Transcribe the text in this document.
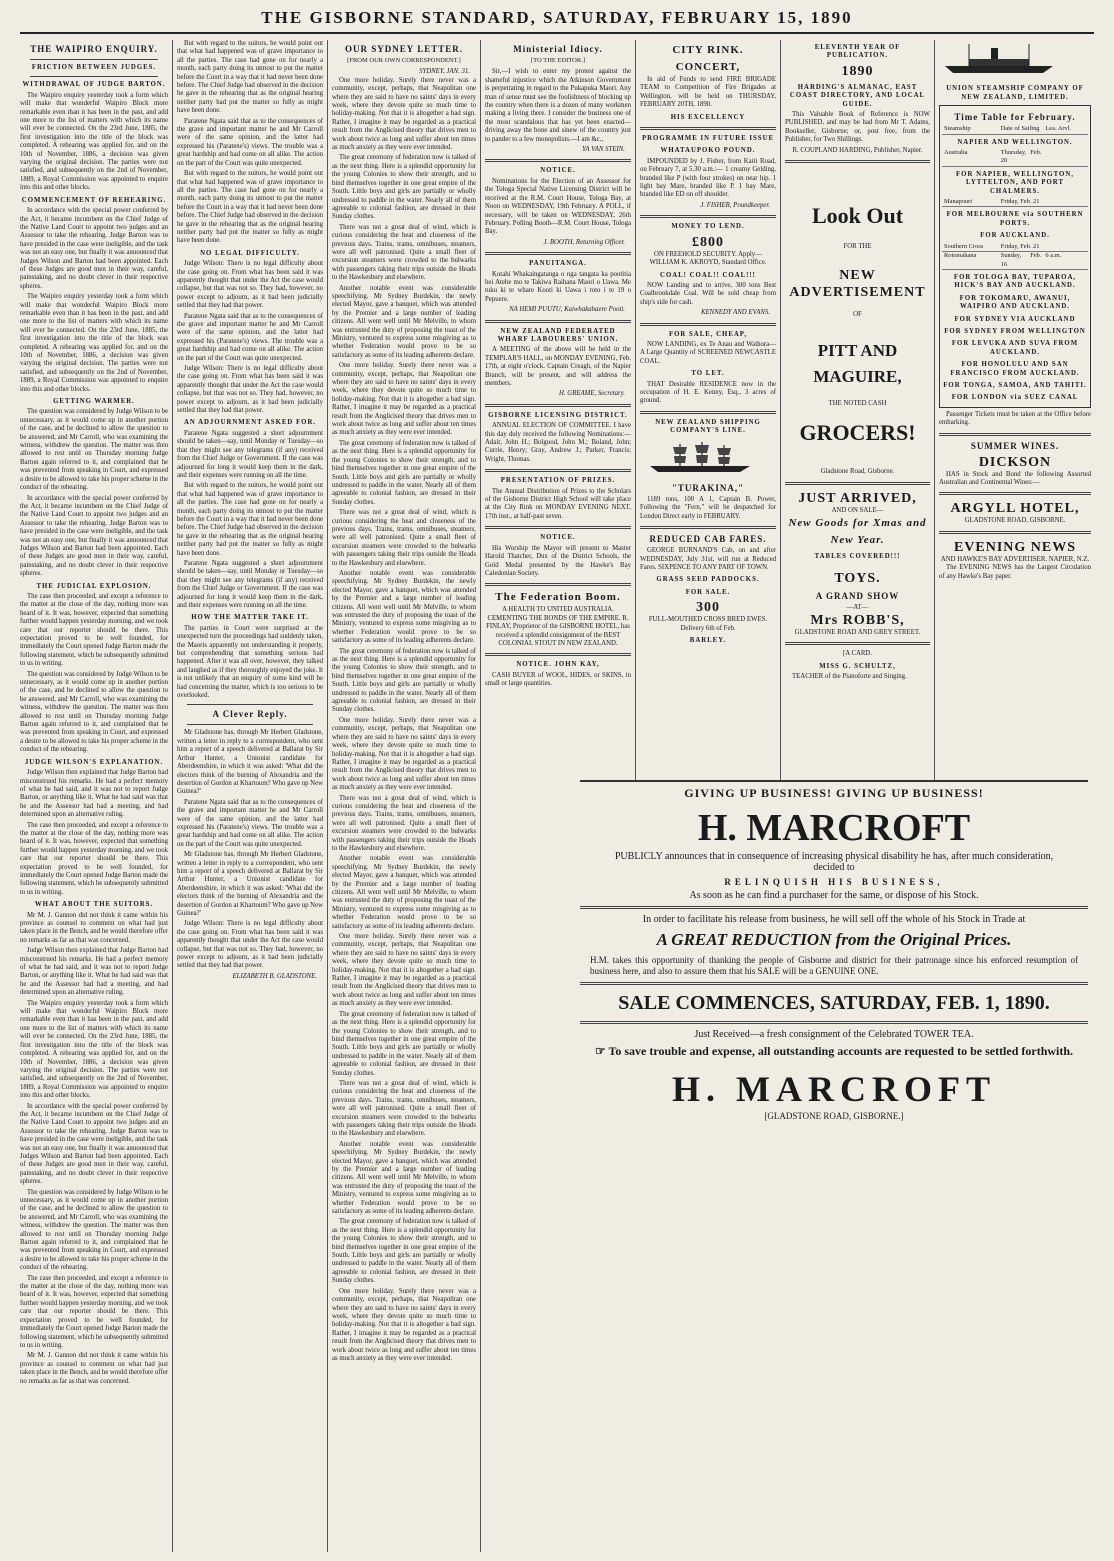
THE GISBORNE STANDARD, SATURDAY, FEBRUARY 15, 1890
THE WAIPIRO ENQUIRY.
FRICTION BETWEEN JUDGES.
WITHDRAWAL OF JUDGE BARTON.

The Waipiro enquiry yesterday took a form which will make that wonderful Waipiro Block more remarkable even than it has been in the past, and add one more to the list of matters with which its name will ever be connected. On the 23rd June, 1885, the first investigation into the title of the block was completed. A rehearing was applied for, and on the 10th of November, 1886, a decision was given varying the original decision. The parties were not satisfied, and subsequently on the 2nd of November, 1889, a Royal Commission was appointed to enquire into this and other blocks.

COMMENCEMENT OF REHEARING.

In accordance with the special power conferred by the Act, it became incumbent on the Chief Judge of the Native Land Court to appoint two judges and an Assessor to take the rehearing. Judge Barton was to have presided in the case were ineligible, and the task was not an easy one, but finally it was announced that Judges Wilson and Barton had been appointed. Each of these Judges are good men in their way, careful, painstaking, and no doubt clever in their respective spheres.

The Waipiro enquiry yesterday took a form which will make that wonderful Waipiro Block more remarkable even than it has been in the past, and add one more to the list of matters with which its name will ever be connected. On the 23rd June, 1885, the first investigation into the title of the block was completed. A rehearing was applied for, and on the 10th of November, 1886, a decision was given varying the original decision. The parties were not satisfied, and subsequently on the 2nd of November, 1889, a Royal Commission was appointed to enquire into this and other blocks.

GETTING WARMER.

The question was considered by Judge Wilson to be unnecessary, as it would come up in another portion of the case, and he declined to allow the question to be answered, and Mr Carroll, who was examining the witness, withdrew the question. The matter was then allowed to rest until on Thursday morning Judge Barton again referred to it, and complained that he was prevented from speaking in Court, and expressed a desire to be allowed to take his proper scheme in the conduct of the rehearing.

In accordance with the special power conferred by the Act, it became incumbent on the Chief Judge of the Native Land Court to appoint two judges and an Assessor to take the rehearing. Judge Barton was to have presided in the case were ineligible, and the task was not an easy one, but finally it was announced that Judges Wilson and Barton had been appointed. Each of these Judges are good men in their way, careful, painstaking, and no doubt clever in their respective spheres.

THE JUDICIAL EXPLOSION.

The case then proceeded, and except a reference to the matter at the close of the day, nothing more was heard of it. It was, however, expected that something further would happen yesterday morning, and we took care that our reporter should be there. This expectation proved to be well founded, for immediately the Court opened Judge Barton made the following statement, which he subsequently submitted to us in writing.

The question was considered by Judge Wilson to be unnecessary, as it would come up in another portion of the case, and he declined to allow the question to be answered, and Mr Carroll, who was examining the witness, withdrew the question. The matter was then allowed to rest until on Thursday morning Judge Barton again referred to it, and complained that he was prevented from speaking in Court, and expressed a desire to be allowed to take his proper scheme in the conduct of the rehearing.

JUDGE WILSON'S EXPLANATION.

Judge Wilson then explained that Judge Barton had misconstrued his remarks. He had a perfect memory of what he had said, and it was not to report Judge Barton, or anything like it. What he had said was that he and the Assessor had had a meeting, and had determined upon an alternative ruling.

The case then proceeded, and except a reference to the matter at the close of the day, nothing more was heard of it. It was, however, expected that something further would happen yesterday morning, and we took care that our reporter should be there. This expectation proved to be well founded, for immediately the Court opened Judge Barton made the following statement, which he subsequently submitted to us in writing.

WHAT ABOUT THE SUITORS.

Mr M. J. Gannon did not think it came within his province as counsel to comment on what had just taken place in the Bench, and he would therefore offer no remarks as far as that was concerned.

Judge Wilson then explained that Judge Barton had misconstrued his remarks. He had a perfect memory of what he had said, and it was not to report Judge Barton, or anything like it. What he had said was that he and the Assessor had had a meeting, and had determined upon an alternative ruling.

The Waipiro enquiry yesterday took a form which will make that wonderful Waipiro Block more remarkable even than it has been in the past, and add one more to the list of matters with which its name will ever be connected. On the 23rd June, 1885, the first investigation into the title of the block was completed. A rehearing was applied for, and on the 10th of November, 1886, a decision was given varying the original decision. The parties were not satisfied, and subsequently on the 2nd of November, 1889, a Royal Commission was appointed to enquire into this and other blocks.

In accordance with the special power conferred by the Act, it became incumbent on the Chief Judge of the Native Land Court to appoint two judges and an Assessor to take the rehearing. Judge Barton was to have presided in the case were ineligible, and the task was not an easy one, but finally it was announced that Judges Wilson and Barton had been appointed. Each of these Judges are good men in their way, careful, painstaking, and no doubt clever in their respective spheres.

The question was considered by Judge Wilson to be unnecessary, as it would come up in another portion of the case, and he declined to allow the question to be answered, and Mr Carroll, who was examining the witness, withdrew the question. The matter was then allowed to rest until on Thursday morning Judge Barton again referred to it, and complained that he was prevented from speaking in Court, and expressed a desire to be allowed to take his proper scheme in the conduct of the rehearing.

The case then proceeded, and except a reference to the matter at the close of the day, nothing more was heard of it. It was, however, expected that something further would happen yesterday morning, and we took care that our reporter should be there. This expectation proved to be well founded, for immediately the Court opened Judge Barton made the following statement, which he subsequently submitted to us in writing.

Mr M. J. Gannon did not think it came within his province as counsel to comment on what had just taken place in the Bench, and he would therefore offer no remarks as far as that was concerned.

But with regard to the suitors, he would point out that what had happened was of grave importance to all the parties. The case had gone on for nearly a month, each party doing its utmost to put the matter before the Court in a way that it had never been done before. The Chief Judge had observed in the decision he gave in the rehearing that as the original hearing neither party had put the matter so fully as might have been done.

Paratene Ngata said that as to the consequences of the grave and important matter he and Mr Carroll were of the same opinion, and the latter had expressed his (Paratene's) views. The trouble was a great hardship and had come on all alike. The action on the part of the Court was quite unexpected.

But with regard to the suitors, he would point out that what had happened was of grave importance to all the parties. The case had gone on for nearly a month, each party doing its utmost to put the matter before the Court in a way that it had never been done before. The Chief Judge had observed in the decision he gave in the rehearing that as the original hearing neither party had put the matter so fully as might have been done.

NO LEGAL DIFFICULTY.

Judge Wilson: There is no legal difficulty about the case going on. From what has been said it was apparently thought that under the Act the case would collapse, but that was not so. They had, however, no power except to adjourn, as it had been judicially settled that they had that power.

Paratene Ngata said that as to the consequences of the grave and important matter he and Mr Carroll were of the same opinion, and the latter had expressed his (Paratene's) views. The trouble was a great hardship and had come on all alike. The action on the part of the Court was quite unexpected.

Judge Wilson: There is no legal difficulty about the case going on. From what has been said it was apparently thought that under the Act the case would collapse, but that was not so. They had, however, no power except to adjourn, as it had been judicially settled that they had that power.

AN ADJOURNMENT ASKED FOR.

Paratene Ngata suggested a short adjournment should be taken—say, until Monday or Tuesday—so that they might see any telegrams (if any) received from the Chief Judge or Government. If the case was adjourned for long it would keep them in the dark, and their expenses were running on all the time.

But with regard to the suitors, he would point out that what had happened was of grave importance to all the parties. The case had gone on for nearly a month, each party doing its utmost to put the matter before the Court in a way that it had never been done before. The Chief Judge had observed in the decision he gave in the rehearing that as the original hearing neither party had put the matter so fully as might have been done.

Paratene Ngata suggested a short adjournment should be taken—say, until Monday or Tuesday—so that they might see any telegrams (if any) received from the Chief Judge or Government. If the case was adjourned for long it would keep them in the dark, and their expenses were running on all the time.

HOW THE MATTER TAKE IT.

The parties in Court were surprised at the unexpected turn the proceedings had suddenly taken, the Maoris apparently not understanding it properly, but comprehending that something serious had happened. After it was all over, however, they talked and laughed as if they thoroughly enjoyed the joke. It is not unlikely that an enquiry of some kind will be had concerning the matter, which is too serious to be overlooked.

A Clever Reply.

Mr Gladstone has, through Mr Herbert Gladstone, written a letter in reply to a correspondent, who sent him a report of a speech delivered at Ballarat by Sir Arthur Hunter, a Unionist candidate for Aberdeenshire, in which it was asked: 'What did the electors think of the burning of Alexandria and the desertion of Gordon at Khartoum? Who gave up New Guinea?'

Paratene Ngata said that as to the consequences of the grave and important matter he and Mr Carroll were of the same opinion, and the latter had expressed his (Paratene's) views. The trouble was a great hardship and had come on all alike. The action on the part of the Court was quite unexpected.

Mr Gladstone has, through Mr Herbert Gladstone, written a letter in reply to a correspondent, who sent him a report of a speech delivered at Ballarat by Sir Arthur Hunter, a Unionist candidate for Aberdeenshire, in which it was asked: 'What did the electors think of the burning of Alexandria and the desertion of Gordon at Khartoum? Who gave up New Guinea?'

Judge Wilson: There is no legal difficulty about the case going on. From what has been said it was apparently thought that under the Act the case would collapse, but that was not so. They had, however, no power except to adjourn, as it had been judicially settled that they had that power.

ELIZABETH B. GLADSTONE.
OUR SYDNEY LETTER.
[FROM OUR OWN CORRESPONDENT.]
SYDNEY, JAN. 31.

One more holiday. Surely there never was a community, except, perhaps, that Neapolitan one where they are said to have no saints' days in every week, where they devote quite so much time to holiday-making. Not that it is altogether a bad sign. Rather, I imagine it may be regarded as a practical result from the Anglicised theory that drives men to work about twice as long and suffer about ten times as much anxiety as they were ever intended.

The great ceremony of federation now is talked of as the next thing. Here is a splendid opportunity for the young Colonies to show their strength, and to bind themselves together in one great empire of the South. Little boys and girls are partially or wholly undressed to paddle in the water. Nearly all of them agreeable to colonial fashion, are dressed in their Sunday clothes.

There was not a great deal of wind, which is curious considering the heat and closeness of the previous days. Trains, trams, omnibuses, steamers, were all well patronised. Quite a small fleet of excursion steamers were crowded to the bulwarks with passengers taking their trips outside the Heads to the Hawkesbury and elsewhere.

Another notable event was considerable speechifying. Mr Sydney Burdekin, the newly elected Mayor, gave a banquet, which was attended by the Premier and a large number of leading citizens. All went well until Mr Melville, to whom was entrusted the duty of proposing the toast of the Ministry, ventured to express some misgiving as to whether Federation would prove to be so satisfactory as some of its leading adherents declare.

One more holiday. Surely there never was a community, except, perhaps, that Neapolitan one where they are said to have no saints' days in every week, where they devote quite so much time to holiday-making. Not that it is altogether a bad sign. Rather, I imagine it may be regarded as a practical result from the Anglicised theory that drives men to work about twice as long and suffer about ten times as much anxiety as they were ever intended.

The great ceremony of federation now is talked of as the next thing. Here is a splendid opportunity for the young Colonies to show their strength, and to bind themselves together in one great empire of the South. Little boys and girls are partially or wholly undressed to paddle in the water. Nearly all of them agreeable to colonial fashion, are dressed in their Sunday clothes.

There was not a great deal of wind, which is curious considering the heat and closeness of the previous days. Trains, trams, omnibuses, steamers, were all well patronised. Quite a small fleet of excursion steamers were crowded to the bulwarks with passengers taking their trips outside the Heads to the Hawkesbury and elsewhere.

Another notable event was considerable speechifying. Mr Sydney Burdekin, the newly elected Mayor, gave a banquet, which was attended by the Premier and a large number of leading citizens. All went well until Mr Melville, to whom was entrusted the duty of proposing the toast of the Ministry, ventured to express some misgiving as to whether Federation would prove to be so satisfactory as some of its leading adherents declare.

The great ceremony of federation now is talked of as the next thing. Here is a splendid opportunity for the young Colonies to show their strength, and to bind themselves together in one great empire of the South. Little boys and girls are partially or wholly undressed to paddle in the water. Nearly all of them agreeable to colonial fashion, are dressed in their Sunday clothes.

One more holiday. Surely there never was a community, except, perhaps, that Neapolitan one where they are said to have no saints' days in every week, where they devote quite so much time to holiday-making. Not that it is altogether a bad sign. Rather, I imagine it may be regarded as a practical result from the Anglicised theory that drives men to work about twice as long and suffer about ten times as much anxiety as they were ever intended.

There was not a great deal of wind, which is curious considering the heat and closeness of the previous days. Trains, trams, omnibuses, steamers, were all well patronised. Quite a small fleet of excursion steamers were crowded to the bulwarks with passengers taking their trips outside the Heads to the Hawkesbury and elsewhere.

Another notable event was considerable speechifying. Mr Sydney Burdekin, the newly elected Mayor, gave a banquet, which was attended by the Premier and a large number of leading citizens. All went well until Mr Melville, to whom was entrusted the duty of proposing the toast of the Ministry, ventured to express some misgiving as to whether Federation would prove to be so satisfactory as some of its leading adherents declare.

One more holiday. Surely there never was a community, except, perhaps, that Neapolitan one where they are said to have no saints' days in every week, where they devote quite so much time to holiday-making. Not that it is altogether a bad sign. Rather, I imagine it may be regarded as a practical result from the Anglicised theory that drives men to work about twice as long and suffer about ten times as much anxiety as they were ever intended.

The great ceremony of federation now is talked of as the next thing. Here is a splendid opportunity for the young Colonies to show their strength, and to bind themselves together in one great empire of the South. Little boys and girls are partially or wholly undressed to paddle in the water. Nearly all of them agreeable to colonial fashion, are dressed in their Sunday clothes.

There was not a great deal of wind, which is curious considering the heat and closeness of the previous days. Trains, trams, omnibuses, steamers, were all well patronised. Quite a small fleet of excursion steamers were crowded to the bulwarks with passengers taking their trips outside the Heads to the Hawkesbury and elsewhere.

Another notable event was considerable speechifying. Mr Sydney Burdekin, the newly elected Mayor, gave a banquet, which was attended by the Premier and a large number of leading citizens. All went well until Mr Melville, to whom was entrusted the duty of proposing the toast of the Ministry, ventured to express some misgiving as to whether Federation would prove to be so satisfactory as some of its leading adherents declare.

The great ceremony of federation now is talked of as the next thing. Here is a splendid opportunity for the young Colonies to show their strength, and to bind themselves together in one great empire of the South. Little boys and girls are partially or wholly undressed to paddle in the water. Nearly all of them agreeable to colonial fashion, are dressed in their Sunday clothes.

One more holiday. Surely there never was a community, except, perhaps, that Neapolitan one where they are said to have no saints' days in every week, where they devote quite so much time to holiday-making. Not that it is altogether a bad sign. Rather, I imagine it may be regarded as a practical result from the Anglicised theory that drives men to work about twice as long and suffer about ten times as much anxiety as they were ever intended.

Ministerial Idiocy.
[TO THE EDITOR.]

Sir,—I wish to enter my protest against the shameful injustice which the Atkinson Government is perpetrating in regard to the Pukapuka Maori. Any man of sense must see the foolishness of blocking up the country when there is a dozen of many workmen making a living there. I consider the business one of the most scandalous that has yet been enacted—driving away the bone and sinew of the country just to pander to a few monopolists.—I am &c.,

YA VAN STEIN.
NOTICE.

Nominations for the Election of an Assessor for the Tologa Special Native Licensing District will be received at the R.M. Court House, Tologa Bay, at Noon on WEDNESDAY, 19th February. A POLL, if necessary, will be taken on WEDNESDAY, 26th February. Polling Booth—R.M. Court House, Tologa Bay.

J. BOOTH, Returning Officer.
PANUITANGA.

Kotahi Whakaingatanga o nga tangata ka pootitia hei Atehe mo te Takiwa Raihana Maori o Uawa. Me tuku ki te whare Kooti ki Uawa i roto i te 19 o Pepuere.

NA HEMI PUUTU, Kaiwhakahaere Pooti.
NEW ZEALAND FEDERATED WHARF LABOURERS' UNION.

A MEETING of the above will be held in the TEMPLAR'S HALL, on MONDAY EVENING, Feb. 17th, at eight o'clock. Captain Creagh, of the Napier Branch, will be present, and will address the members.

H. GREAME, Secretary.
GISBORNE LICENSING DISTRICT.

ANNUAL ELECTION OF COMMITTEE. I have this day duly received the following Nominations:— Adair, John H.; Bolgood, John M.; Boland, John; Currie, Henry; Gray, Andrew J.; Parker, Francis; Wright, Thomas.

PRESENTATION OF PRIZES.

The Annual Distribution of Prizes to the Scholars of the Gisborne District High School will take place at the City Rink on MONDAY EVENING NEXT, 17th inst., at half-past seven.

NOTICE.

His Worship the Mayor will present to Master Harold Thatcher, Dux of the District Schools, the Gold Medal presented by the Hawke's Bay Caledonian Society.

The Federation Boom.

A HEALTH TO UNITED AUSTRALIA. CEMENTING THE BONDS OF THE EMPIRE. R. FINLAY, Proprietor of the GISBORNE HOTEL, has received a splendid consignment of the BEST COLONIAL STOUT IN NEW ZEALAND.

NOTICE. JOHN KAY,

CASH BUYER of WOOL, HIDES, or SKINS, in small or large quantities.

CITY RINK.
CONCERT,

In aid of Funds to send FIRE BRIGADE TEAM to Competition of Fire Brigades at Wellington, will be held on THURSDAY, FEBRUARY 20TH, 1890.

HIS EXCELLENCY
PROGRAMME IN FUTURE ISSUE
WHATAUPOKO POUND.

IMPOUNDED by J. Fisher, from Kaiti Road, on February 7, at 5.30 a.m.:— 1 creamy Gelding, branded like P (with four strokes) on near hip. 1 light bay Mare, branded like P. 1 bay Mare, branded like ED on off shoulder.

J. FISHER, Poundkeeper.
MONEY TO LEND.
£800

ON FREEHOLD SECURITY. Apply— WILLIAM K. AKROYD, Standard Office.

COAL! COAL!! COAL!!!

NOW Landing and to arrive, 300 tons Best Coalbrookdale Coal. Will be sold cheap from ship's side for cash.

KENNEDY AND EVANS.
FOR SALE, CHEAP,

NOW LANDING, ex Te Anau and Waihora— A Large Quantity of SCREENED NEWCASTLE COAL.

TO LET.

THAT Desirable RESIDENCE now in the occupation of H. E. Kenny, Esq., 3 acres of ground.

NEW ZEALAND SHIPPING COMPANY'S LINE.
"TURAKINA,"

1189 tons, 100 A 1, Captain B. Power, Following the "Fern," will be despatched for London Direct early in FEBRUARY.

REDUCED CAB FARES.

GEORGE BURNAND'S Cab, on and after WEDNESDAY, July 31st, will run at Reduced Fares. SIXPENCE TO ANY PART OF TOWN.

GRASS SEED PADDOCKS.
FOR SALE.
300

FULL-MOUTHED CROSS BRED EWES. Delivery 6th of Feb.

BARLEY.
ELEVENTH YEAR OF PUBLICATION.
1890
HARDING'S ALMANAC, EAST COAST DIRECTORY, AND LOCAL GUIDE.

This Valuable Book of Reference is NOW PUBLISHED, and may be had from Mr T. Adams, Bookseller, Gisborne; or, post free, from the Publisher, for Two Shillings.

R. COUPLAND HARDING, Publisher, Napier.
Look Out
FOR THE
NEW
ADVERTISEMENT
OF
PITT AND MAGUIRE,
THE NOTED CASH
GROCERS!
Gladstone Road, Gisborne.
JUST ARRIVED,
AND ON SALE—
New Goods for Xmas and New Year.
TABLES COVERED!!!
TOYS.
A GRAND SHOW
—AT—
Mrs ROBB'S,
GLADSTONE ROAD AND GREY STREET.
[A CARD.
MISS G. SCHULTZ,

TEACHER of the Pianoforte and Singing.

UNION STEAMSHIP COMPANY OF NEW ZEALAND, LIMITED.
Time Table for February.
Steamship	Date of Sailing Lea. Arvl.
NAPIER AND WELLINGTON.
Australia	Thursday, Feb. 20
FOR NAPIER, WELLINGTON, LYTTELTON, AND PORT CHALMERS.
Manapouri	Friday, Feb. 21
FOR MELBOURNE via SOUTHERN PORTS.
FOR AUCKLAND.
Southern Cross	Friday, Feb. 21
Rotomahana	Sunday, Feb. 16
6 a.m.
FOR TOLOGA BAY, TUPAROA, HICK'S BAY AND AUCKLAND.
FOR TOKOMARU, AWANUI, WAIPIRO AND AUCKLAND.
FOR SYDNEY VIA AUCKLAND
FOR SYDNEY FROM WELLINGTON
FOR LEVUKA AND SUVA FROM AUCKLAND.
FOR HONOLULU AND SAN FRANCISCO FROM AUCKLAND.
FOR TONGA, SAMOA, AND TAHITI.
FOR LONDON via SUEZ CANAL

Passenger Tickets must be taken at the Office before embarking.

SUMMER WINES.
DICKSON

HAS in Stock and Bond the following Assorted Australian and Continental Wines:—

ARGYLL HOTEL,
GLADSTONE ROAD, GISBORNE.
EVENING NEWS
AND HAWKE'S BAY ADVERTISER. NAPIER, N.Z.

The EVENING NEWS has the Largest Circulation of any Hawke's Bay paper.

GIVING UP BUSINESS! GIVING UP BUSINESS!
H. MARCROFT
PUBLICLY announces that in consequence of increasing physical disability he has, after much consideration, decided to
RELINQUISH HIS BUSINESS,
As soon as he can find a purchaser for the same, or dispose of his Stock.
In order to facilitate his release from business, he will sell off the whole of his Stock in Trade at
A GREAT REDUCTION from the Original Prices.
H.M. takes this opportunity of thanking the people of Gisborne and district for their patronage since his enforced resumption of business here, and also to assure them that his SALE will be a GENUINE ONE.
SALE COMMENCES, SATURDAY, FEB. 1, 1890.
Just Received—a fresh consignment of the Celebrated TOWER TEA.
☞ To save trouble and expense, all outstanding accounts are requested to be settled forthwith.
H. MARCROFT
[GLADSTONE ROAD, GISBORNE.]
